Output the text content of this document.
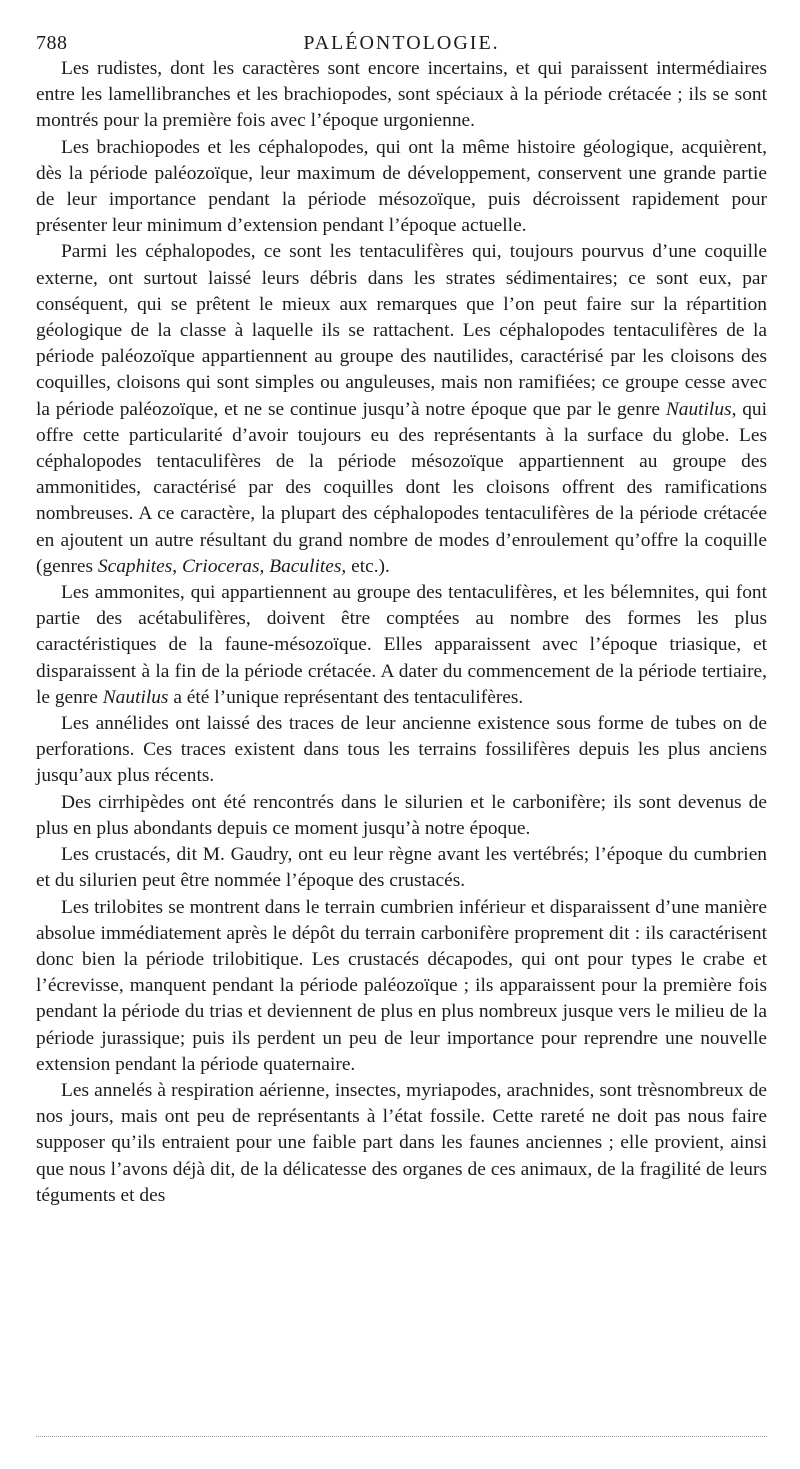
788	PALÉONTOLOGIE.

Les rudistes, dont les caractères sont encore incertains, et qui paraissent intermédiaires entre les lamellibranches et les brachiopodes, sont spéciaux à la période crétacée ; ils se sont montrés pour la première fois avec l’époque urgonienne.

Les brachiopodes et les céphalopodes, qui ont la même histoire géologique, acquièrent, dès la période paléozoïque, leur maximum de développement, conservent une grande partie de leur importance pendant la période mésozoïque, puis décroissent rapidement pour présenter leur minimum d’extension pendant l’époque actuelle.

Parmi les céphalopodes, ce sont les tentaculifères qui, toujours pourvus d’une coquille externe, ont surtout laissé leurs débris dans les strates sédimentaires; ce sont eux, par conséquent, qui se prêtent le mieux aux remarques que l’on peut faire sur la répartition géologique de la classe à laquelle ils se rattachent. Les céphalopodes tentaculifères de la période paléozoïque appartiennent au groupe des nautilides, caractérisé par les cloisons des coquilles, cloisons qui sont simples ou anguleuses, mais non ramifiées; ce groupe cesse avec la période paléozoïque, et ne se continue jusqu’à notre époque que par le genre Nautilus, qui offre cette particularité d’avoir toujours eu des représentants à la surface du globe. Les céphalopodes tentaculifères de la période mésozoïque appartiennent au groupe des ammonitides, caractérisé par des coquilles dont les cloisons offrent des ramifications nombreuses. A ce caractère, la plupart des céphalopodes tentaculifères de la période crétacée en ajoutent un autre résultant du grand nombre de modes d’enroulement qu’offre la coquille (genres Scaphites, Crioceras, Baculites, etc.).

Les ammonites, qui appartiennent au groupe des tentaculifères, et les bélemnites, qui font partie des acétabulifères, doivent être comptées au nombre des formes les plus caractéristiques de la faune-mésozoïque. Elles apparaissent avec l’époque triasique, et disparaissent à la fin de la période crétacée. A dater du commencement de la période tertiaire, le genre Nautilus a été l’unique représentant des tentaculifères.

Les annélides ont laissé des traces de leur ancienne existence sous forme de tubes on de perforations. Ces traces existent dans tous les terrains fossilifères depuis les plus anciens jusqu’aux plus récents.

Des cirrhipèdes ont été rencontrés dans le silurien et le carbonifère; ils sont devenus de plus en plus abondants depuis ce moment jusqu’à notre époque.

Les crustacés, dit M. Gaudry, ont eu leur règne avant les vertébrés; l’époque du cumbrien et du silurien peut être nommée l’époque des crustacés.

Les trilobites se montrent dans le terrain cumbrien inférieur et disparaissent d’une manière absolue immédiatement après le dépôt du terrain carbonifère proprement dit : ils caractérisent donc bien la période trilobitique. Les crustacés décapodes, qui ont pour types le crabe et l’écrevisse, manquent pendant la période paléozoïque ; ils apparaissent pour la première fois pendant la période du trias et deviennent de plus en plus nombreux jusque vers le milieu de la période jurassique; puis ils perdent un peu de leur importance pour reprendre une nouvelle extension pendant la période quaternaire.

Les annelés à respiration aérienne, insectes, myriapodes, arachnides, sont trèsnombreux de nos jours, mais ont peu de représentants à l’état fossile. Cette rareté ne doit pas nous faire supposer qu’ils entraient pour une faible part dans les faunes anciennes ; elle provient, ainsi que nous l’avons déjà dit, de la délicatesse des organes de ces animaux, de la fragilité de leurs téguments et des
